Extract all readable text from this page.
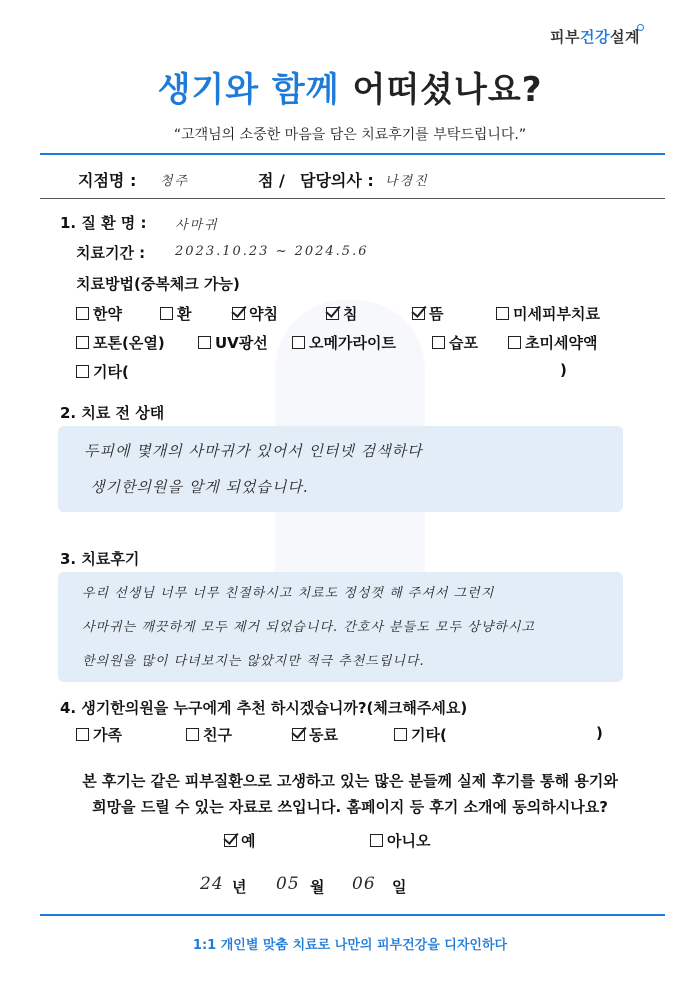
피부건강설계
생기와 함께 어떠셨나요?
“고객님의 소중한 마음을 담은 치료후기를 부탁드립니다.”
지점명 : 청주	점 / 담당의사 : 나경진
1. 질 환 명 : 사마귀
치료기간 : 2023.10.23 ~ 2024.5.6
치료방법(중복체크 가능)
한약	환	약침	침	뜸	미세피부치료
포톤(온열)	UV광선	오메가라이트	습포	초미세약액
기타(	)
2. 치료 전 상태
두피에 몇개의 사마귀가 있어서 인터넷 검색하다
생기한의원을 알게 되었습니다.
3. 치료후기
우리 선생님 너무 너무 친절하시고 치료도 정성껏 해 주셔서 그런지
사마귀는 깨끗하게 모두 제거 되었습니다. 간호사 분들도 모두 상냥하시고
한의원을 많이 다녀보지는 않았지만 적극 추천드립니다.
4. 생기한의원을 누구에게 추천 하시겠습니까?(체크해주세요)
가족	친구	동료	기타(	)
본 후기는 같은 피부질환으로 고생하고 있는 많은 분들께 실제 후기를 통해 용기와
희망을 드릴 수 있는 자료로 쓰입니다. 홈페이지 등 후기 소개에 동의하시나요?
예	아니오
24 년 05 월 06 일
1:1 개인별 맞춤 치료로 나만의 피부건강을 디자인하다
